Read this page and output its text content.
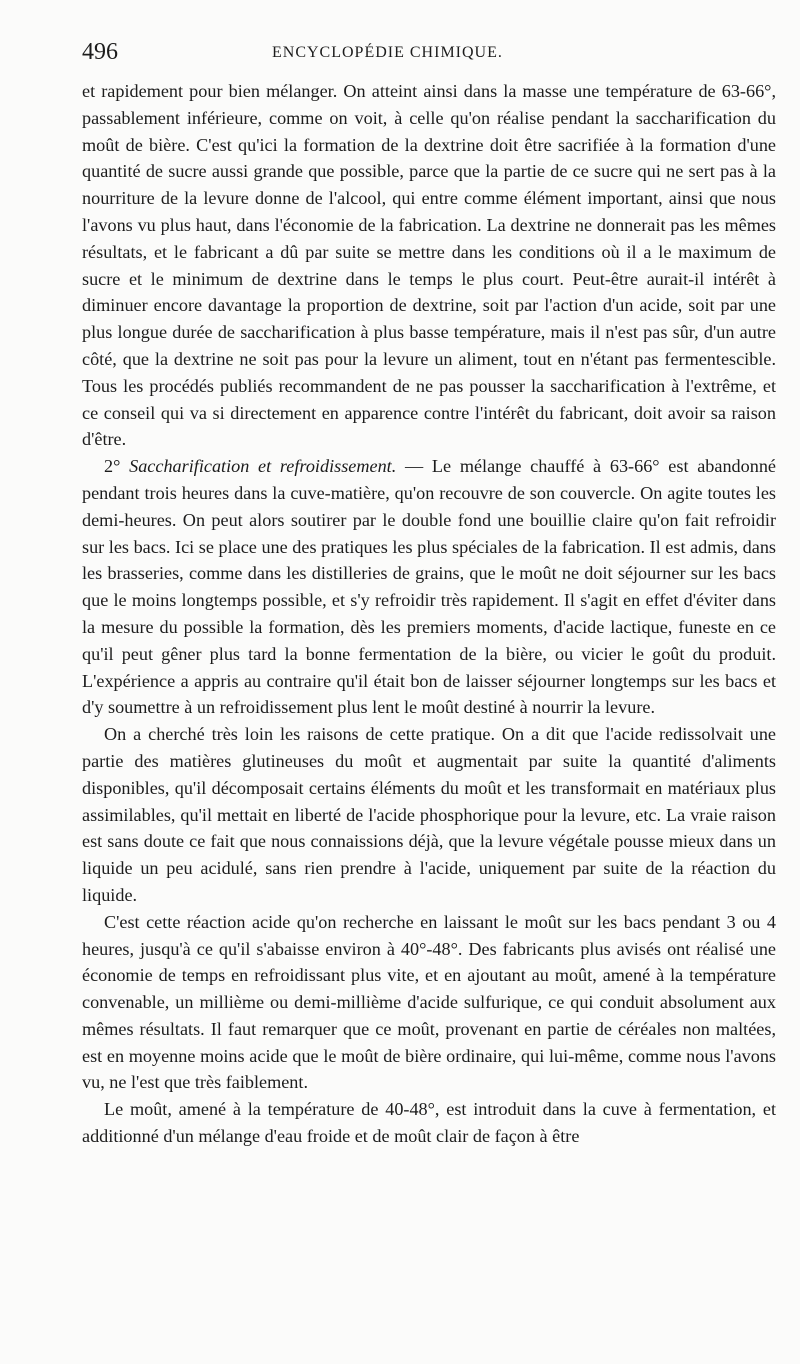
496	ENCYCLOPÉDIE CHIMIQUE.

et rapidement pour bien mélanger. On atteint ainsi dans la masse une température de 63-66°, passablement inférieure, comme on voit, à celle qu'on réalise pendant la saccharification du moût de bière. C'est qu'ici la formation de la dextrine doit être sacrifiée à la formation d'une quantité de sucre aussi grande que possible, parce que la partie de ce sucre qui ne sert pas à la nourriture de la levure donne de l'alcool, qui entre comme élément important, ainsi que nous l'avons vu plus haut, dans l'économie de la fabrication. La dextrine ne donnerait pas les mêmes résultats, et le fabricant a dû par suite se mettre dans les conditions où il a le maximum de sucre et le minimum de dextrine dans le temps le plus court. Peut-être aurait-il intérêt à diminuer encore davantage la proportion de dextrine, soit par l'action d'un acide, soit par une plus longue durée de saccharification à plus basse température, mais il n'est pas sûr, d'un autre côté, que la dextrine ne soit pas pour la levure un aliment, tout en n'étant pas fermentescible. Tous les procédés publiés recommandent de ne pas pousser la saccharification à l'extrême, et ce conseil qui va si directement en apparence contre l'intérêt du fabricant, doit avoir sa raison d'être.

2° Saccharification et refroidissement. — Le mélange chauffé à 63-66° est abandonné pendant trois heures dans la cuve-matière, qu'on recouvre de son couvercle. On agite toutes les demi-heures. On peut alors soutirer par le double fond une bouillie claire qu'on fait refroidir sur les bacs. Ici se place une des pratiques les plus spéciales de la fabrication. Il est admis, dans les brasseries, comme dans les distilleries de grains, que le moût ne doit séjourner sur les bacs que le moins longtemps possible, et s'y refroidir très rapidement. Il s'agit en effet d'éviter dans la mesure du possible la formation, dès les premiers moments, d'acide lactique, funeste en ce qu'il peut gêner plus tard la bonne fermentation de la bière, ou vicier le goût du produit. L'expérience a appris au contraire qu'il était bon de laisser séjourner longtemps sur les bacs et d'y soumettre à un refroidissement plus lent le moût destiné à nourrir la levure.

On a cherché très loin les raisons de cette pratique. On a dit que l'acide redissolvait une partie des matières glutineuses du moût et augmentait par suite la quantité d'aliments disponibles, qu'il décomposait certains éléments du moût et les transformait en matériaux plus assimilables, qu'il mettait en liberté de l'acide phosphorique pour la levure, etc. La vraie raison est sans doute ce fait que nous connaissions déjà, que la levure végétale pousse mieux dans un liquide un peu acidulé, sans rien prendre à l'acide, uniquement par suite de la réaction du liquide.

C'est cette réaction acide qu'on recherche en laissant le moût sur les bacs pendant 3 ou 4 heures, jusqu'à ce qu'il s'abaisse environ à 40°-48°. Des fabricants plus avisés ont réalisé une économie de temps en refroidissant plus vite, et en ajoutant au moût, amené à la température convenable, un millième ou demi-millième d'acide sulfurique, ce qui conduit absolument aux mêmes résultats. Il faut remarquer que ce moût, provenant en partie de céréales non maltées, est en moyenne moins acide que le moût de bière ordinaire, qui lui-même, comme nous l'avons vu, ne l'est que très faiblement.

Le moût, amené à la température de 40-48°, est introduit dans la cuve à fermentation, et additionné d'un mélange d'eau froide et de moût clair de façon à être
